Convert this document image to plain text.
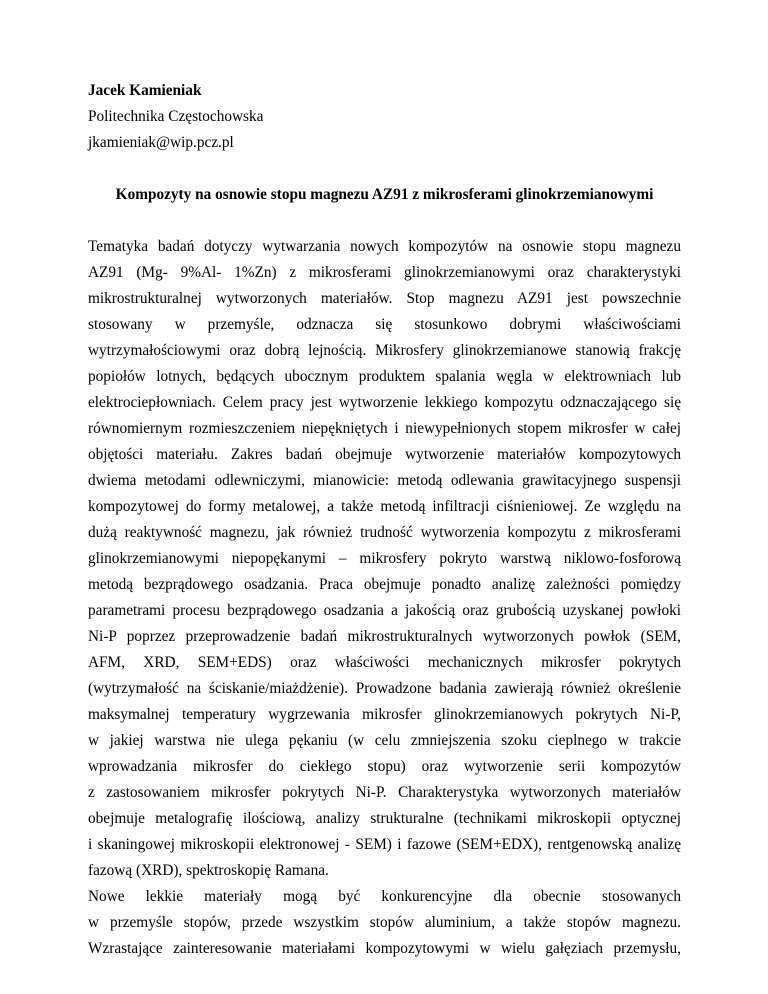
Jacek Kamieniak
Politechnika Częstochowska
jkamieniak@wip.pcz.pl
Kompozyty na osnowie stopu magnezu AZ91 z mikrosferami glinokrzemianowymi
Tematyka badań dotyczy wytwarzania nowych kompozytów na osnowie stopu magnezu
AZ91 (Mg- 9%Al- 1%Zn) z mikrosferami glinokrzemianowymi oraz charakterystyki
mikrostrukturalnej wytworzonych materiałów. Stop magnezu AZ91 jest powszechnie
stosowany w przemyśle, odznacza się stosunkowo dobrymi właściwościami
wytrzymałościowymi oraz dobrą lejnością. Mikrosfery glinokrzemianowe stanowią frakcję
popiołów lotnych, będących ubocznym produktem spalania węgla w elektrowniach lub
elektrociepłowniach. Celem pracy jest wytworzenie lekkiego kompozytu odznaczającego się
równomiernym rozmieszczeniem niepękniętych i niewypełnionych stopem mikrosfer w całej
objętości materiału. Zakres badań obejmuje wytworzenie materiałów kompozytowych
dwiema metodami odlewniczymi, mianowicie: metodą odlewania grawitacyjnego suspensji
kompozytowej do formy metalowej, a także metodą infiltracji ciśnieniowej. Ze względu na
dużą reaktywność magnezu, jak również trudność wytworzenia kompozytu z mikrosferami
glinokrzemianowymi niepopękanymi – mikrosfery pokryto warstwą niklowo-fosforową
metodą bezprądowego osadzania. Praca obejmuje ponadto analizę zależności pomiędzy
parametrami procesu bezprądowego osadzania a jakością oraz grubością uzyskanej powłoki
Ni-P poprzez przeprowadzenie badań mikrostrukturalnych wytworzonych powłok (SEM,
AFM, XRD, SEM+EDS) oraz właściwości mechanicznych mikrosfer pokrytych
(wytrzymałość na ściskanie/miażdżenie). Prowadzone badania zawierają również określenie
maksymalnej temperatury wygrzewania mikrosfer glinokrzemianowych pokrytych Ni-P,
w jakiej warstwa nie ulega pękaniu (w celu zmniejszenia szoku cieplnego w trakcie
wprowadzania mikrosfer do ciekłego stopu) oraz wytworzenie serii kompozytów
z zastosowaniem mikrosfer pokrytych Ni-P. Charakterystyka wytworzonych materiałów
obejmuje metalografię ilościową, analizy strukturalne (technikami mikroskopii optycznej
i skaningowej mikroskopii elektronowej - SEM) i fazowe (SEM+EDX), rentgenowską analizę
fazową (XRD), spektroskopię Ramana.
Nowe lekkie materiały mogą być konkurencyjne dla obecnie stosowanych
w przemyśle stopów, przede wszystkim stopów aluminium, a także stopów magnezu.
Wzrastające zainteresowanie materiałami kompozytowymi w wielu gałęziach przemysłu,
